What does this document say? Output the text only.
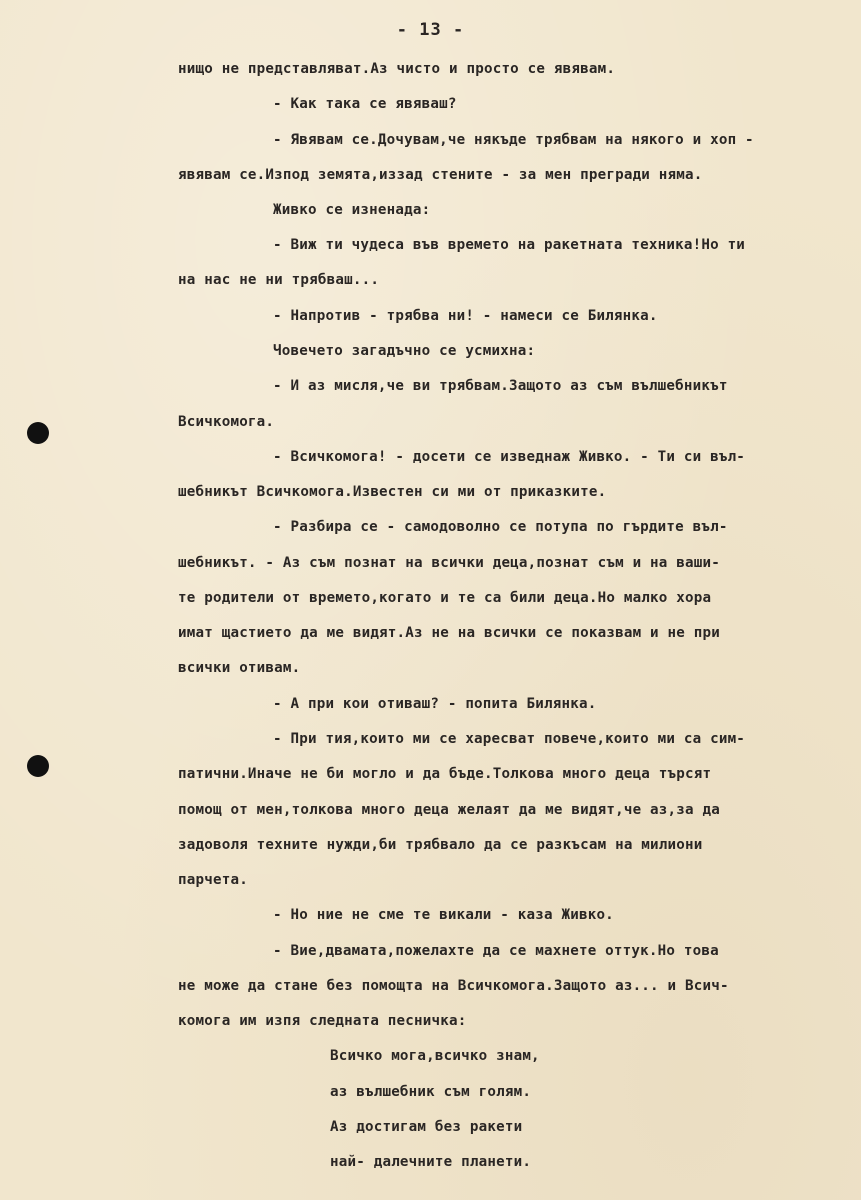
- 13 -
нищо не представляват.Аз чисто и просто се явявам.
- Как така се явяваш?
- Явявам се.Дочувам,че някъде трябвам на някого и хоп -
явявам се.Изпод земята,иззад стените - за мен прегради няма.
Живко се изненада:
- Виж ти чудеса във времето на ракетната техника!Но ти
на нас не ни трябваш...
- Напротив - трябва ни! - намеси се Билянка.
Човечето загадъчно се усмихна:
- И аз мисля,че ви трябвам.Защото аз съм вълшебникът
Всичкомога.
- Всичкомога! - досети се изведнаж Живко. - Ти си въл-
шебникът Всичкомога.Известен си ми от приказките.
- Разбира се - самодоволно се потупа по гърдите въл-
шебникът. - Аз съм познат на всички деца,познат съм и на ваши-
те родители от времето,когато и те са били деца.Но малко хора
имат щастието да ме видят.Аз не на всички се показвам и не при
всички отивам.
- А при кои отиваш? - попита Билянка.
- При тия,които ми се харесват повече,които ми са сим-
патични.Иначе не би могло и да бъде.Толкова много деца търсят
помощ от мен,толкова много деца желаят да ме видят,че аз,за да
задоволя техните нужди,би трябвало да се разкъсам на милиони
парчета.
- Но ние не сме те викали - каза Живко.
- Вие,двамата,пожелахте да се махнете оттук.Но това
не може да стане без помощта на Всичкомога.Защото аз... и Всич-
комога им изпя следната песничка:
Всичко мога,всичко знам,
аз вълшебник съм голям.
Аз достигам без ракети
най- далечните планети.
